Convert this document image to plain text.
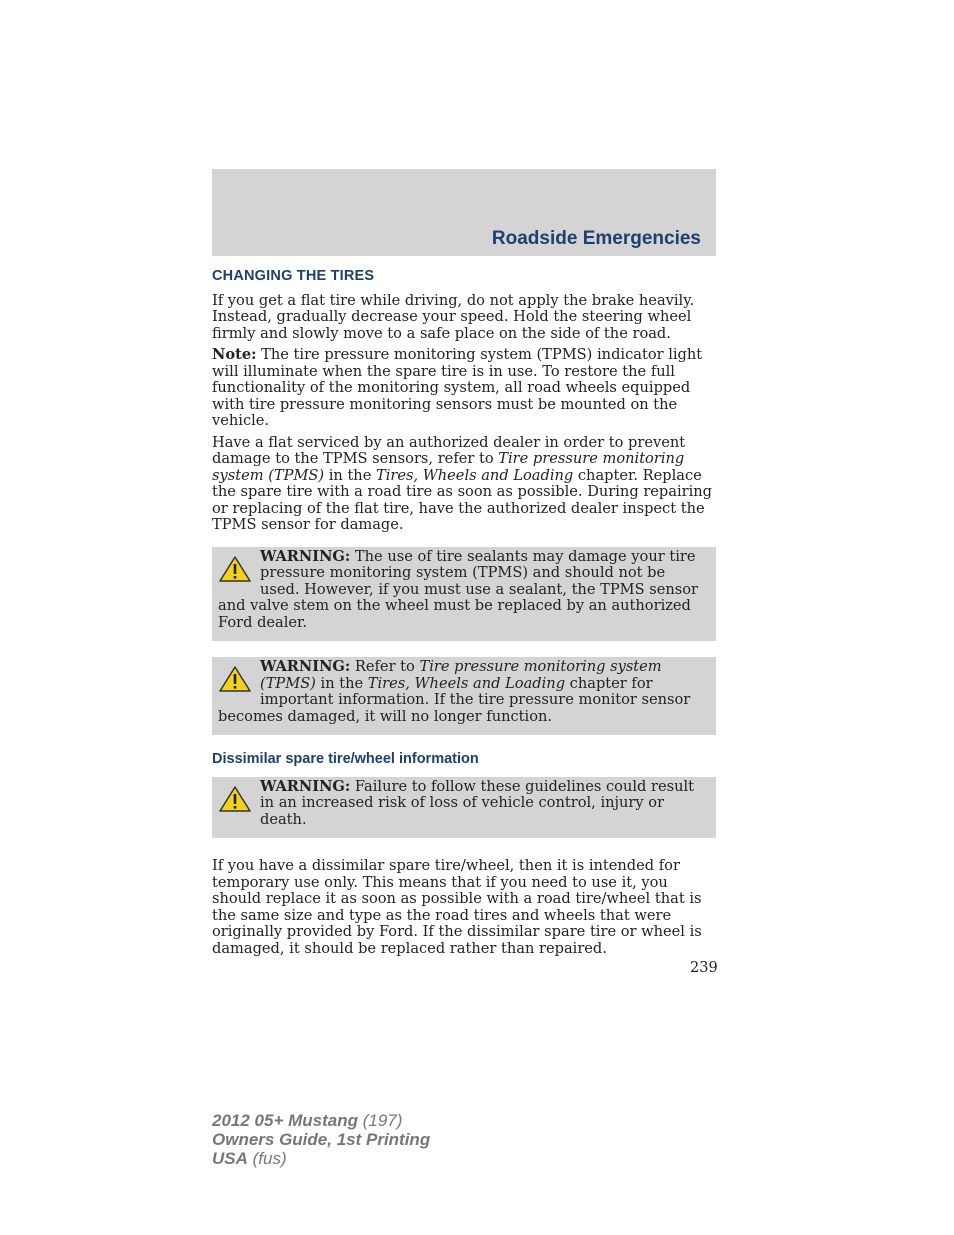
Roadside Emergencies
CHANGING THE TIRES

If you get a flat tire while driving, do not apply the brake heavily. Instead, gradually decrease your speed. Hold the steering wheel firmly and slowly move to a safe place on the side of the road.

Note: The tire pressure monitoring system (TPMS) indicator light will illuminate when the spare tire is in use. To restore the full functionality of the monitoring system, all road wheels equipped with tire pressure monitoring sensors must be mounted on the vehicle.

Have a flat serviced by an authorized dealer in order to prevent damage to the TPMS sensors, refer to Tire pressure monitoring system (TPMS) in the Tires, Wheels and Loading chapter. Replace the spare tire with a road tire as soon as possible. During repairing or replacing of the flat tire, have the authorized dealer inspect the TPMS sensor for damage.

WARNING: The use of tire sealants may damage your tire pressure monitoring system (TPMS) and should not be used. However, if you must use a sealant, the TPMS sensor and valve stem on the wheel must be replaced by an authorized Ford dealer.
WARNING: Refer to Tire pressure monitoring system (TPMS) in the Tires, Wheels and Loading chapter for important information. If the tire pressure monitor sensor becomes damaged, it will no longer function.
Dissimilar spare tire/wheel information
WARNING: Failure to follow these guidelines could result in an increased risk of loss of vehicle control, injury or death.

If you have a dissimilar spare tire/wheel, then it is intended for temporary use only. This means that if you need to use it, you should replace it as soon as possible with a road tire/wheel that is the same size and type as the road tires and wheels that were originally provided by Ford. If the dissimilar spare tire or wheel is damaged, it should be replaced rather than repaired.

239
2012 05+ Mustang (197)
Owners Guide, 1st Printing
USA (fus)
